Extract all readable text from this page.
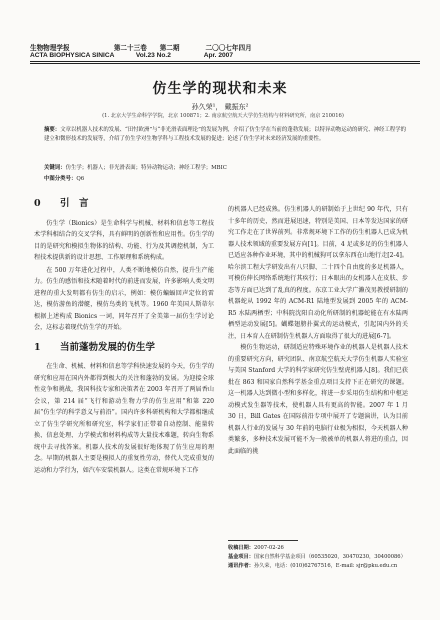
生物物理学报	第二十三卷 第二期	二〇〇七年四月
ACTA BIOPHYSICA SINICA	Vol.23 No.2	Apr. 2007
仿生学的现状和未来
孙久荣¹， 戴振东²
(1. 北京大学生命科学学院，北京 100871；2. 南京航空航天大学仿生结构与材料研究所，南京 210016)
摘要：文章以机器人技术的发展、“田忖欧洲”与“非光滑表面理论”的发展为例，介绍了仿生学在当前的蓬勃发展；以特异动物运动的研究、神经工程学的建立和微形技术的发展等，介绍了仿生学对生物学科与工程技术发展的促进；论述了仿生学对未来经济发展的重要性。
关键词：仿生学；机器人；非光滑表面；特异动物运动；神经工程学；MBIC
中图分类号：Q6
0 引　言

仿生学（Bionics）是生命科学与机械、材料和信息等工程技术学科相结合的交叉学科，具有鲜明的创新性和应用性。仿生学的目的是研究和模拟生物体的结构、功能、行为及其调控机制，为工程技术提供新的设计思想、工作原理和系统构成。

在 500 万年进化过程中，人类不断地模仿自然，提升生产能力。仿生的感悟和技术随着时代的前进而发展，许多影响人类文明进程的重大发明都有仿生的启示，例如：模仿蝙蝠回声定位的雷达，模仿游鱼的潜艇，模仿鸟类的飞机等。1960 年美国人斯蒂尔根据上述构成 Bionics 一词，同年召开了全美第一届仿生学讨论会，这标志着现代仿生学的开始。

1 当前蓬勃发展的仿生学

在生命、机械、材料和信息等学科快速发展的今天，仿生学的研究和应用在国内外都得到极大的关注和蓬勃的发展。为迎接全球性竞争和挑战，我国科技专家和决策者在 2003 年召开了两届香山会议，第 214 届“飞行和游动生物力学的仿生应用”和第 220 届“仿生学的科学意义与前沿”。国内许多科研机构和大学都相继成立了仿生学研究所和研究室，科学家们正带着自动控制、能量转换、信息处理、力学模式和材料构成等大量技术难题，转向生物系统中去寻找答案。机器人技术的发展很好地体现了仿生应用的理念。早期的机器人主要是模拟人的重复性劳动，替代人完成重复的运动和力学行为，如汽车安装机器人。这类在常规环境下工作

的机器人已经成熟。仿生机器人的研制始于上世纪 90 年代，只有十多年的历史，然而进展迅速，特别是美国、日本等发达国家的研究工作走在了世界前列。非常规环境下工作的仿生机器人已成为机器人技术领域的重要发展方向[1]。目前，4 足或多足的仿生机器人已适应各种作业环境，其中的机械狗可以拿东西在山地行走[2-4]。哈尔滨工程大学研发出有八只脚、二十四个自由度的多足机器人，可模仿伸长网络系统地行其疾行；日本眼出的女机器人在皮肤、步态等方面已达到了乱真的程度。东京工业大学广濑茂男教授研制的机器蛇从 1992 年的 ACM-R1 陆地型发展到 2005 年的 ACM-R5 水陆两栖型；中科院沈阳自动化所研制的机器蛇能在有水陆两栖型运动发展[5]。蝴蝶翅膀扑翼式的运动模式，引起国内外的关注，日本育人在研制仿生机器人方面取得了很大的进展[6-7]。

模仿生物运动，研制适应特殊环境作业的机器人是机器人技术的重要研究方向，研究团队、南京航空航天大学仿生机器人实验室与美国 Stanford 大学的科学家研究仿生壁虎机器人[8]。我们已获批在 863 和国家自然科学基金重点项目支持下正在研究的课题。这一机器人达到微小型和多样化，将进一步采用仿生结构和中枢运动模式发生器等技术，使机器人具有更高的智能。2007 年 1 月 30 日，Bill Gates 在国际前沿专项中展开了专题演讲，认为目前机器人行业的发展与 30 年前的电脑行业极为相似，今天机器人种类繁多，多种技术发展可能不为一般被单的机器人将进的重点，因此面临的挑

收稿日期：2007-02-26
基金项目：国家自然科学基金项目（60535020，30470230，30400086）
通讯作者：孙久荣，电话：(010)62767516，E-mail: sjr@pku.edu.cn
